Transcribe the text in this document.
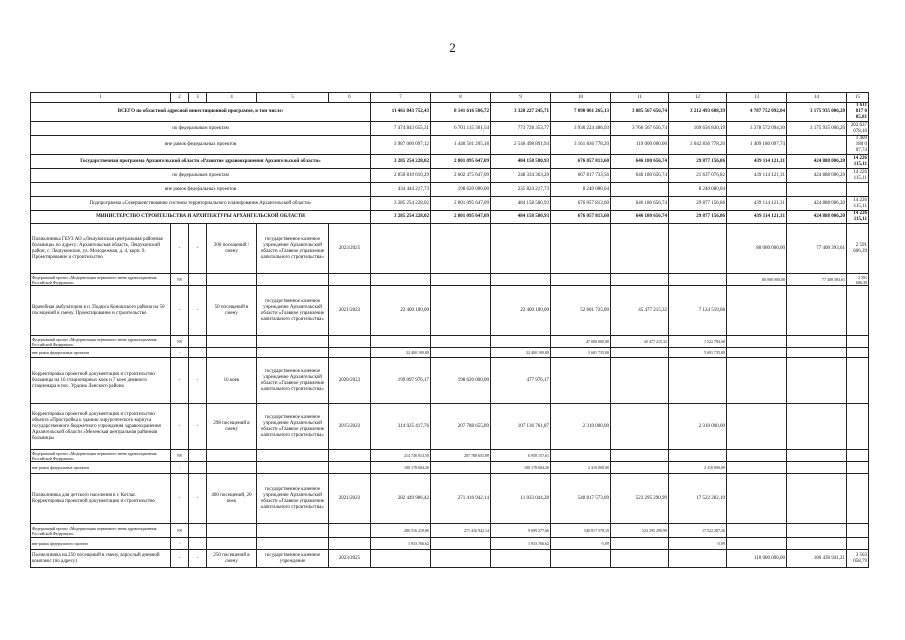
2
1	2	3	4	5	6	7	8	9	10	11	12	13	14	15
ВСЕГО по областной адресной инвестиционной программе, в том числе:						11 461 843 752,43	8 141 616 506,72	3 320 227 245,71	7 098 061 265,13	3 885 567 656,74	3 212 493 608,39	4 787 752 092,04	3 175 935 006,20	1 611 817 0 85,81
по федеральным проектам						7 474 843 655,31	6 701 115 301,54	773 728 353,77	3 936 224 486,93	3 766 567 656,74	169 656 830,19	3 378 572 094,30	3 175 935 006,20	202 637 078,10
вне рамок федеральных проектов						3 987 000 097,12	1 440 501 205,18	2 546 498 891,94	3 161 836 778,20	119 000 000,00	3 042 836 778,20	1 409 180 097,74		1 409 180 0 07,74
Государственная программа Архангельской области «Развитие здравоохранения Архангельской области»						3 285 254 228,02	2 801 095 647,09	484 158 580,93	676 057 813,60	646 180 656,74	29 877 156,86	439 114 121,31	424 888 006,20	14 226 115,11
по федеральным проектам						2 850 810 010,29	2 602 475 647,09	248 334 363,20	667 817 733,56	646 180 656,74	21 637 076,82	439 114 121,31	424 888 006,20	14 226 115,11
вне рамок федеральных проектов						434 444 217,73	198 620 000,00	235 824 217,73	8 240 080,04		8 240 080,04			
Подпрограмма «Совершенствование системы территориального планирования Архангельской области»						3 285 254 228,02	2 801 095 647,09	484 158 580,93	676 057 813,60	646 180 656,74	29 877 156,86	439 114 121,31	424 888 006,20	14 226 115,11
МИНИСТЕРСТВО СТРОИТЕЛЬСТВА И АРХИТЕКТУРЫ АРХАНГЕЛЬСКОЙ ОБЛАСТИ						3 285 254 228,02	2 801 095 647,09	484 158 580,93	676 057 813,60	646 180 656,74	29 877 156,86	439 114 121,31	424 888 006,20	14 226 115,11
Поликлиника ГБУЗ АО «Лешуконская центральная районная больница» по адресу: Архангельская область, Лешуконский район, с. Лешуконское, ул. Молодежная, д. 4, корп. 9. Проектирование и строительство	-	-	200 посещений / смену	государственное казенное учреждение Архангельской области «Главное управление капитального строительства»	2023/2025							80 000 000,00	77 408 393,61	2 591 606,39
Федеральный проект «Модернизация первичного звена здравоохранения Российской Федерации»	N9											80 000 000,00	77 408 393,61	2 591 606,39
Врачебная амбулатория в п. Подюга Коношского района на 50 посещений в смену. Проектирование и строительство	-	-	50 посещений в смену	государственное казенное учреждение Архангельской области «Главное управление капитального строительства»	2021/2023	22 400 100,00		22 400 100,00	52 601 735,00	45 477 215,32	7 124 519,68			
Федеральный проект «Модернизация первичного звена здравоохранения Российской Федерации»	N9								47 000 000,00	45 477 215,32	1 522 784,68			
вне рамок федеральных проектов	-					22 400 100,00		22 400 100,00	5 601 735,00		5 601 735,00			
Корректировка проектной документации и строительство больницы на 16 стационарных коек и 7 коек дневного стационара в пос. Урдома Ленского района	-	-	16 коек	государственное казенное учреждение Архангельской области «Главное управление капитального строительства»	2020/2023	199 097 976,17	198 620 000,00	477 976,17						
Корректировка проектной документации и строительство объекта «Пристройка к зданию хирургического корпуса государственного бюджетного учреждения здравоохранения Архангельской области «Мезенская центральная районная больница»	-	-	298 посещений в смену	государственное казенное учреждение Архангельской области «Главное управление капитального строительства»	2015/2023	314 925 417,76	207 788 655,89	107 136 761,87	2 310 000,00		2 310 000,00			
Федеральный проект «Модернизация первичного звена здравоохранения Российской Федерации»	N9					214 746 813,50	207 788 655,89	6 958 157,61						
вне рамок федеральных проектов	-					100 178 604,26		100 178 604,26	2 310 000,00		2 310 000,00			
Поликлиника для детского населения в г. Котлас. Корректировка проектной документации и строительство	-	-	400 посещений, 20 коек	государственное казенное учреждение Архангельской области «Главное управление капитального строительства»	2021/2023	282 449 986,42	271 416 942,14	11 033 044,28	540 817 573,09	523 295 290,99	17 522 282,10			
Федеральный проект «Модернизация первичного звена здравоохранения Российской Федерации»	N9					280 516 219,80	271 416 942,14	9 099 277,66	540 817 578,19	523 295 290,99	17 522 287,20			
вне рамок федерального проекта	-					1 933 766,62		1 933 766,62	-5,09		-5,09			
Поликлиника на 250 посещений в смену, взрослый дневной комплекс (по адресу)	-	-	250 посещений в смену	государственное казенное учреждение	2023/2025							110 000 000,00	106 436 941,21	3 563 058,79
